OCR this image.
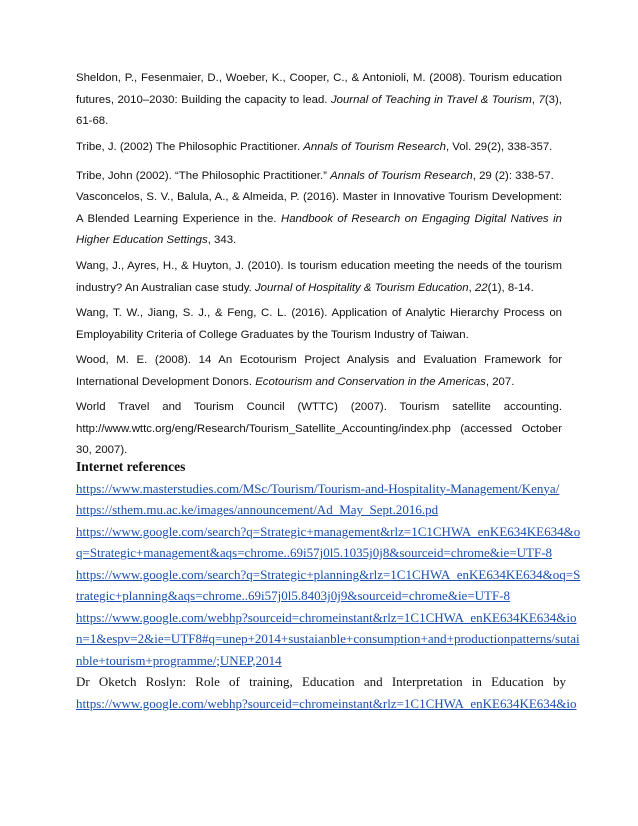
Sheldon, P., Fesenmaier, D., Woeber, K., Cooper, C., & Antonioli, M. (2008). Tourism education
futures, 2010–2030: Building the capacity to lead. Journal of Teaching in Travel & Tourism, 7(3),
61-68.
Tribe, J. (2002) The Philosophic Practitioner. Annals of Tourism Research, Vol. 29(2), 338-357.
Tribe, John (2002). “The Philosophic Practitioner.” Annals of Tourism Research, 29 (2): 338-57.
Vasconcelos, S. V., Balula, A., & Almeida, P. (2016). Master in Innovative Tourism Development:
A Blended Learning Experience in the. Handbook of Research on Engaging Digital Natives in
Higher Education Settings, 343.
Wang, J., Ayres, H., & Huyton, J. (2010). Is tourism education meeting the needs of the tourism
industry? An Australian case study. Journal of Hospitality & Tourism Education, 22(1), 8-14.
Wang, T. W., Jiang, S. J., & Feng, C. L. (2016). Application of Analytic Hierarchy Process on
Employability Criteria of College Graduates by the Tourism Industry of Taiwan.
Wood, M. E. (2008). 14 An Ecotourism Project Analysis and Evaluation Framework for
International Development Donors. Ecotourism and Conservation in the Americas, 207.
World Travel and Tourism Council (WTTC) (2007). Tourism satellite accounting.
http://www.wttc.org/eng/Research/Tourism_Satellite_Accounting/index.php (accessed October
30, 2007).
Internet references
https://www.masterstudies.com/MSc/Tourism/Tourism-and-Hospitality-Management/Kenya/
https://sthem.mu.ac.ke/images/announcement/Ad_May_Sept.2016.pd
https://www.google.com/search?q=Strategic+management&rlz=1C1CHWA_enKE634KE634&o
q=Strategic+management&aqs=chrome..69i57j0l5.1035j0j8&sourceid=chrome&ie=UTF-8
https://www.google.com/search?q=Strategic+planning&rlz=1C1CHWA_enKE634KE634&oq=S
trategic+planning&aqs=chrome..69i57j0l5.8403j0j9&sourceid=chrome&ie=UTF-8
https://www.google.com/webhp?sourceid=chromeinstant&rlz=1C1CHWA_enKE634KE634&io
n=1&espv=2&ie=UTF8#q=unep+2014+sustaianble+consumption+and+productionpatterns/sutai
nble+tourism+programme/;UNEP,2014
Dr Oketch Roslyn: Role of training, Education and Interpretation in Education by
https://www.google.com/webhp?sourceid=chromeinstant&rlz=1C1CHWA_enKE634KE634&io
